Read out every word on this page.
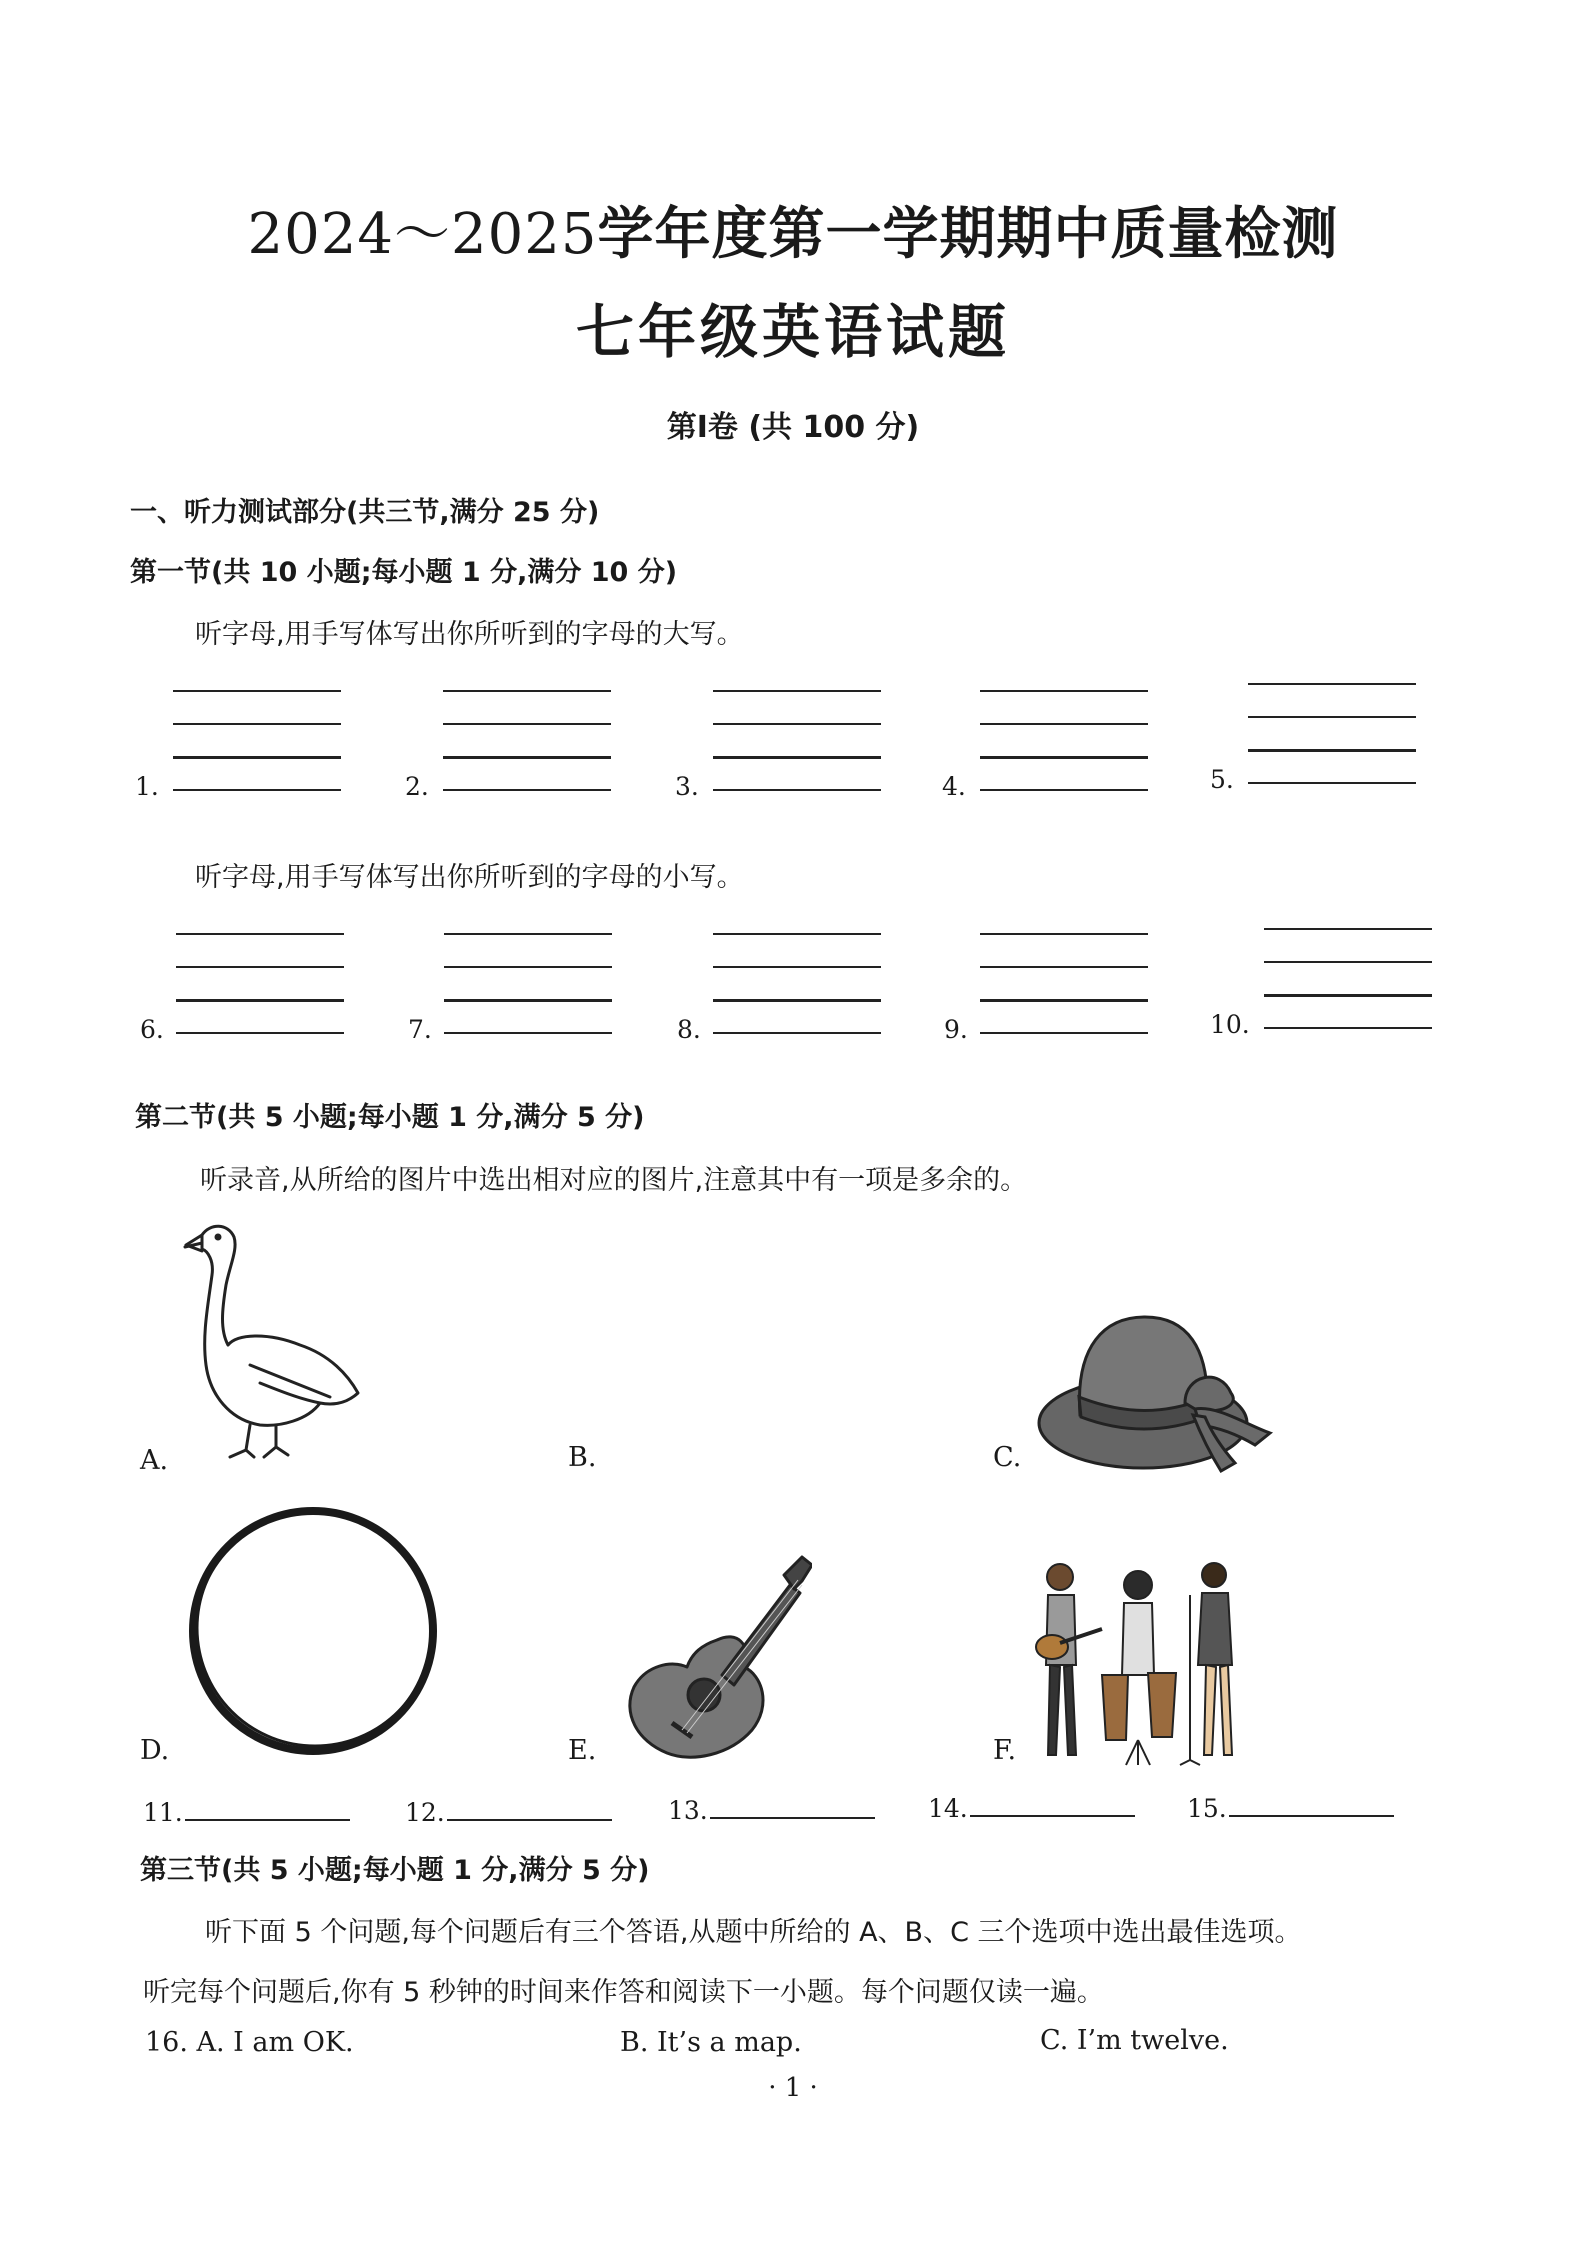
2024～2025学年度第一学期期中质量检测
七年级英语试题
第Ⅰ卷 (共 100 分)
一、听力测试部分(共三节,满分 25 分)
第一节(共 10 小题;每小题 1 分,满分 10 分)
听字母,用手写体写出你所听到的字母的大写。
1.	2.	3.	4.	5.
听字母,用手写体写出你所听到的字母的小写。
6.	7.	8.	9.	10.
第二节(共 5 小题;每小题 1 分,满分 5 分)
听录音,从所给的图片中选出相对应的图片,注意其中有一项是多余的。
A.	B.	C.
D.	E.	F.
11.	12.	13.	14.	15.
第三节(共 5 小题;每小题 1 分,满分 5 分)
听下面 5 个问题,每个问题后有三个答语,从题中所给的 A、B、C 三个选项中选出最佳选项。
听完每个问题后,你有 5 秒钟的时间来作答和阅读下一小题。每个问题仅读一遍。
16. A. I am OK.	B. It’s a map.	C. I’m twelve.
· 1 ·
